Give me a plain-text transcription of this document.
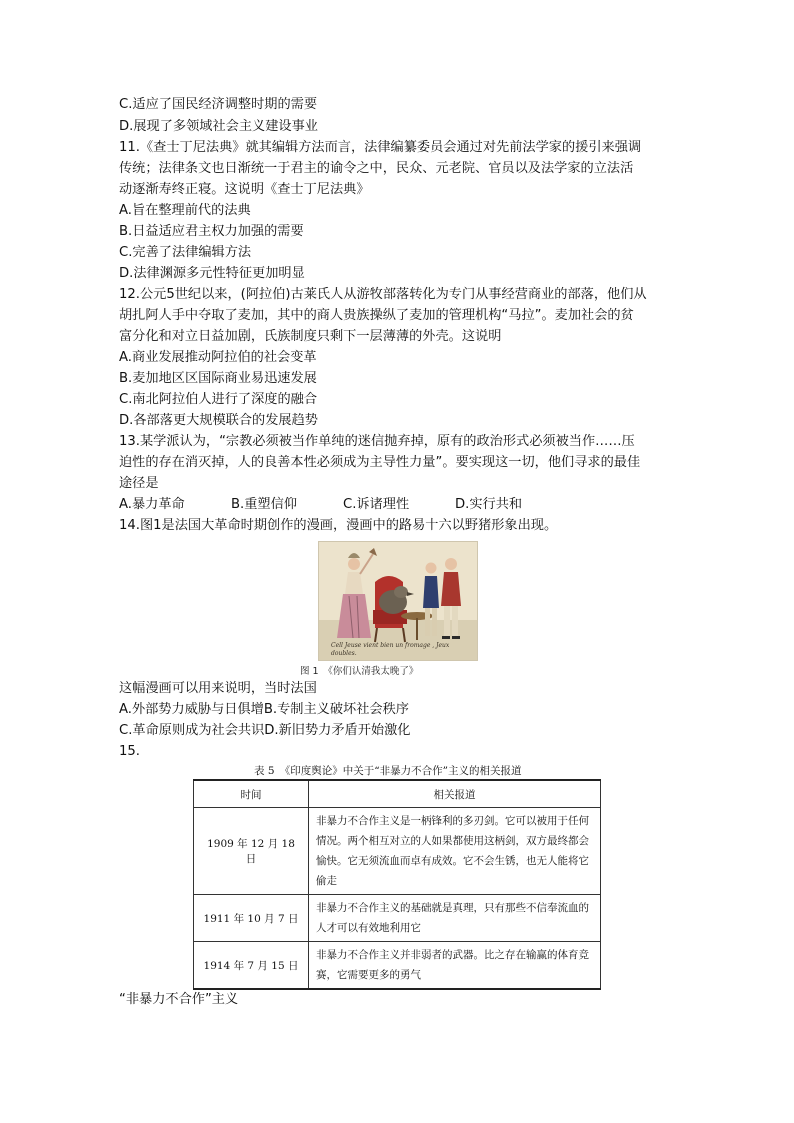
C.适应了国民经济调整时期的需要
D.展现了多领域社会主义建设事业
11.《查士丁尼法典》就其编辑方法而言，法律编纂委员会通过对先前法学家的援引来强调
传统；法律条文也日渐统一于君主的谕令之中，民众、元老院、官员以及法学家的立法活
动逐渐寿终正寝。这说明《查士丁尼法典》
A.旨在整理前代的法典
B.日益适应君主权力加强的需要
C.完善了法律编辑方法
D.法律渊源多元性特征更加明显
12.公元5世纪以来，(阿拉伯)古莱氏人从游牧部落转化为专门从事经营商业的部落，他们从
胡扎阿人手中夺取了麦加，其中的商人贵族操纵了麦加的管理机构“马拉”。麦加社会的贫
富分化和对立日益加剧，氏族制度只剩下一层薄薄的外壳。这说明
A.商业发展推动阿拉伯的社会变革
B.麦加地区区国际商业易迅速发展
C.南北阿拉伯人进行了深度的融合
D.各部落更大规模联合的发展趋势
13.某学派认为，“宗教必须被当作单纯的迷信抛弃掉，原有的政治形式必须被当作……压
迫性的存在消灭掉，人的良善本性必须成为主导性力量”。要实现这一切，他们寻求的最佳
途径是
A.暴力革命	B.重塑信仰	C.诉诸理性	D.实行共和
14.图1是法国大革命时期创作的漫画，漫画中的路易十六以野猪形象出现。
Cell Jeuse vient bien un fromage , Jeux doubles.
图 1　《你们认清我太晚了》
这幅漫画可以用来说明，当时法国
A.外部势力威胁与日俱增B.专制主义破坏社会秩序
C.革命原则成为社会共识D.新旧势力矛盾开始激化
15.
表 5　《印度舆论》中关于“非暴力不合作”主义的相关报道
时间	相关报道
1909 年 12 月 18 日	非暴力不合作主义是一柄锋利的多刃剑。它可以被用于任何情况。两个相互对立的人如果都使用这柄剑，双方最终都会愉快。它无须流血而卓有成效。它不会生锈，也无人能将它偷走
1911 年 10 月 7 日	非暴力不合作主义的基础就是真理，只有那些不信奉流血的人才可以有效地利用它
1914 年 7 月 15 日	非暴力不合作主义并非弱者的武器。比之存在输赢的体育竞赛，它需要更多的勇气
“非暴力不合作”主义
